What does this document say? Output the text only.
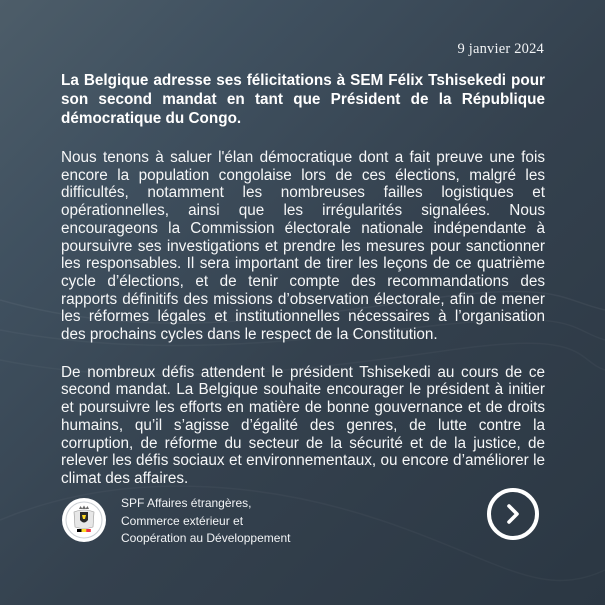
9 janvier 2024

La Belgique adresse ses félicitations à SEM Félix Tshisekedi pour son second mandat en tant que Président de la République démocratique du Congo.

Nous tenons à saluer l'élan démocratique dont a fait preuve une fois encore la population congolaise lors de ces élections, malgré les difficultés, notamment les nombreuses failles logistiques et opérationnelles, ainsi que les irrégularités signalées. Nous encourageons la Commission électorale nationale indépendante à poursuivre ses investigations et prendre les mesures pour sanctionner les responsables. Il sera important de tirer les leçons de ce quatrième cycle d’élections, et de tenir compte des recommandations des rapports définitifs des missions d’observation électorale, afin de mener les réformes légales et institutionnelles nécessaires à l’organisation des prochains cycles dans le respect de la Constitution.

De nombreux défis attendent le président Tshisekedi au cours de ce second mandat. La Belgique souhaite encourager le président à initier et poursuivre les efforts en matière de bonne gouvernance et de droits humains, qu’il s’agisse d’égalité des genres, de lutte contre la corruption, de réforme du secteur de la sécurité et de la justice, de relever les défis sociaux et environnementaux, ou encore d’améliorer le climat des affaires.

SPF Affaires étrangères,
Commerce extérieur et
Coopération au Développement
